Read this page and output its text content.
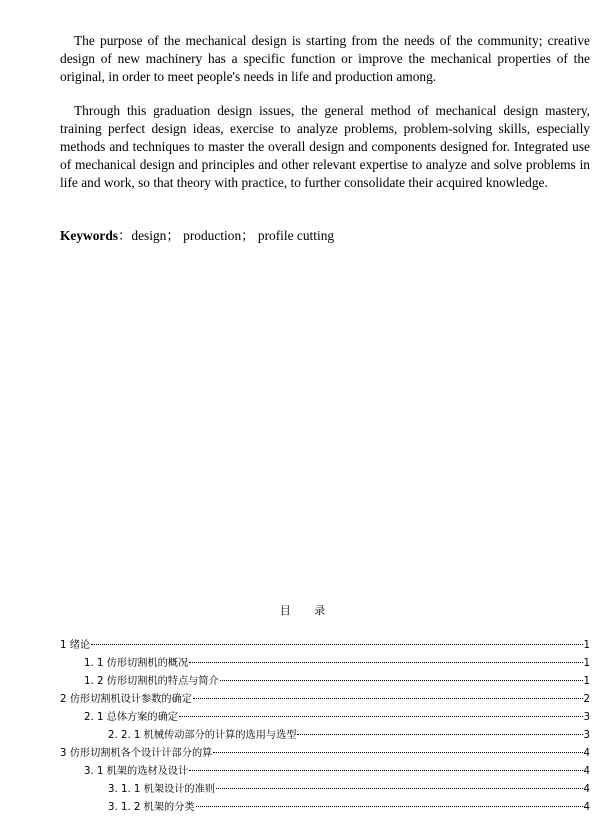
The purpose of the mechanical design is starting from the needs of the community; creative design of new machinery has a specific function or improve the mechanical properties of the original, in order to meet people's needs in life and production among.

Through this graduation design issues, the general method of mechanical design mastery, training perfect design ideas, exercise to analyze problems, problem-solving skills, especially methods and techniques to master the overall design and components designed for. Integrated use of mechanical design and principles and other relevant expertise to analyze and solve problems in life and work, so that theory with practice, to further consolidate their acquired knowledge.

Keywords：design； production； profile cutting
目 录
1 绪论	1
1. 1 仿形切割机的概况	1
1. 2 仿形切割机的特点与简介	1
2 仿形切割机设计参数的确定	2
2. 1 总体方案的确定	3
2. 2. 1 机械传动部分的计算的选用与选型	3
3 仿形切割机各个设计计部分的算	4
3. 1 机架的选材及设计	4
3. 1. 1 机架设计的准则	4
3. 1. 2 机架的分类	4
